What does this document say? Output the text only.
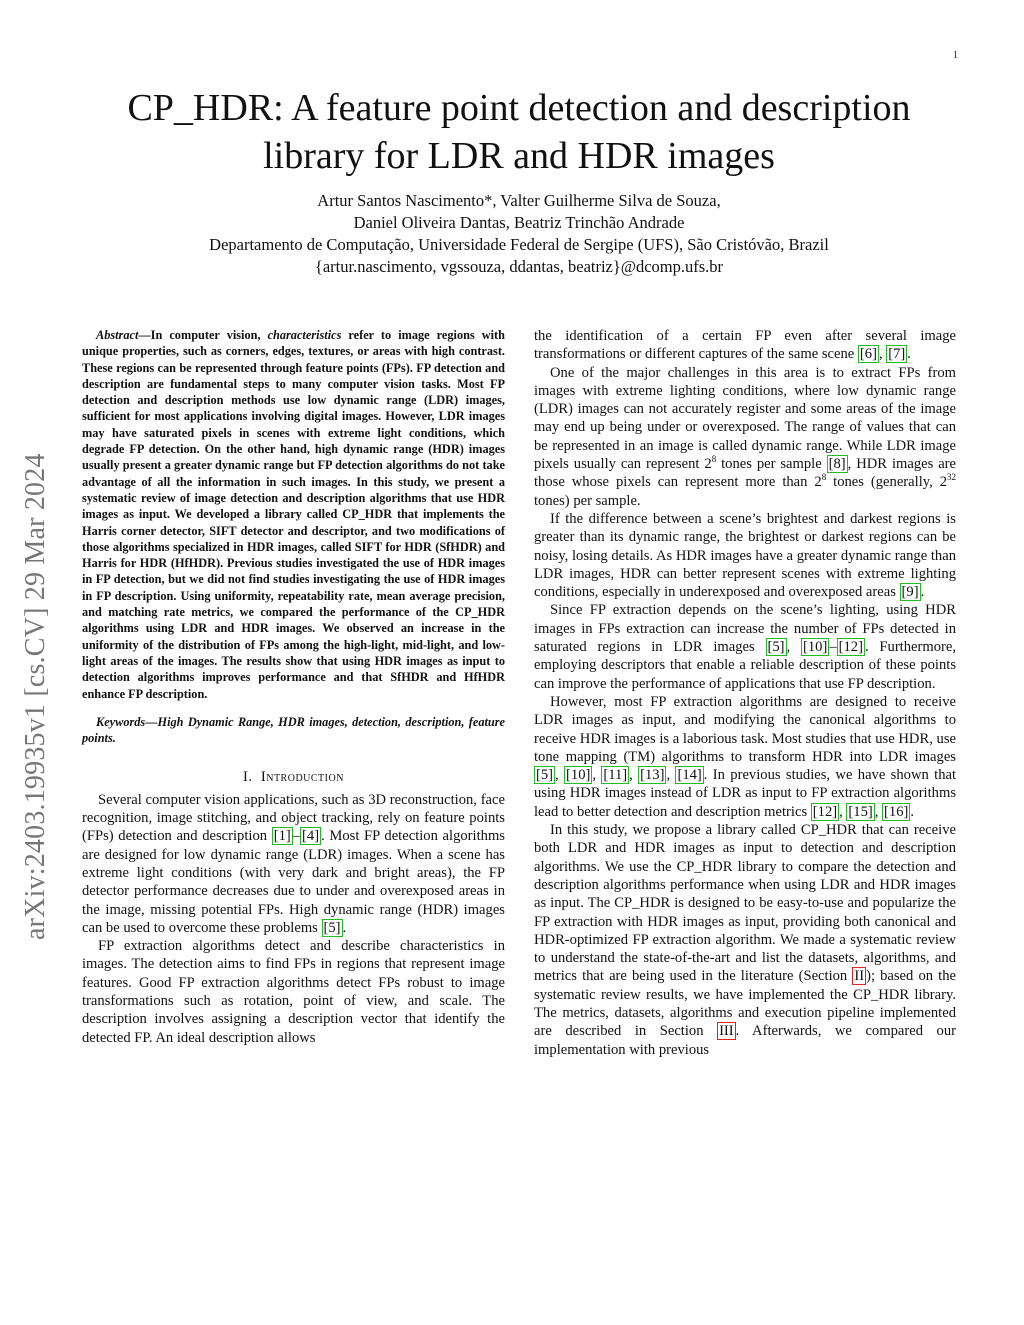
1
arXiv:2403.19935v1 [cs.CV] 29 Mar 2024
CP_HDR: A feature point detection and description
library for LDR and HDR images
Artur Santos Nascimento*, Valter Guilherme Silva de Souza,
Daniel Oliveira Dantas, Beatriz Trinchão Andrade
Departamento de Computação, Universidade Federal de Sergipe (UFS), São Cristóvão, Brazil
{artur.nascimento, vgssouza, ddantas, beatriz}@dcomp.ufs.br

Abstract—In computer vision, characteristics refer to image regions with unique properties, such as corners, edges, textures, or areas with high contrast. These regions can be represented through feature points (FPs). FP detection and description are fundamental steps to many computer vision tasks. Most FP detection and description methods use low dynamic range (LDR) images, sufficient for most applications involving digital images. However, LDR images may have saturated pixels in scenes with extreme light conditions, which degrade FP detection. On the other hand, high dynamic range (HDR) images usually present a greater dynamic range but FP detection algorithms do not take advantage of all the information in such images. In this study, we present a systematic review of image detection and description algorithms that use HDR images as input. We developed a library called CP_HDR that implements the Harris corner detector, SIFT detector and descriptor, and two modifications of those algorithms specialized in HDR images, called SIFT for HDR (SfHDR) and Harris for HDR (HfHDR). Previous studies investigated the use of HDR images in FP detection, but we did not find studies investigating the use of HDR images in FP description. Using uniformity, repeatability rate, mean average precision, and matching rate metrics, we compared the performance of the CP_HDR algorithms using LDR and HDR images. We observed an increase in the uniformity of the distribution of FPs among the high-light, mid-light, and low-light areas of the images. The results show that using HDR images as input to detection algorithms improves performance and that SfHDR and HfHDR enhance FP description.

Keywords—High Dynamic Range, HDR images, detection, description, feature points.

I. Introduction

Several computer vision applications, such as 3D reconstruction, face recognition, image stitching, and object tracking, rely on feature points (FPs) detection and description [1] – [4] . Most FP detection algorithms are designed for low dynamic range (LDR) images. When a scene has extreme light conditions (with very dark and bright areas), the FP detector performance decreases due to under and overexposed areas in the image, missing potential FPs. High dynamic range (HDR) images can be used to overcome these problems [5] .

FP extraction algorithms detect and describe characteristics in images. The detection aims to find FPs in regions that represent image features. Good FP extraction algorithms detect FPs robust to image transformations such as rotation, point of view, and scale. The description involves assigning a description vector that identify the detected FP. An ideal description allows

the identification of a certain FP even after several image transformations or different captures of the same scene [6] , [7] .

One of the major challenges in this area is to extract FPs from images with extreme lighting conditions, where low dynamic range (LDR) images can not accurately register and some areas of the image may end up being under or overexposed. The range of values that can be represented in an image is called dynamic range. While LDR image pixels usually can represent $2^8$ tones per sample [8] , HDR images are those whose pixels can represent more than $2^8$ tones (generally, $2^{32}$ tones) per sample.

If the difference between a scene’s brightest and darkest regions is greater than its dynamic range, the brightest or darkest regions can be noisy, losing details. As HDR images have a greater dynamic range than LDR images, HDR can better represent scenes with extreme lighting conditions, especially in underexposed and overexposed areas [9] .

Since FP extraction depends on the scene’s lighting, using HDR images in FPs extraction can increase the number of FPs detected in saturated regions in LDR images [5] , [10] – [12] . Furthermore, employing descriptors that enable a reliable description of these points can improve the performance of applications that use FP description.

However, most FP extraction algorithms are designed to receive LDR images as input, and modifying the canonical algorithms to receive HDR images is a laborious task. Most studies that use HDR, use tone mapping (TM) algorithms to transform HDR into LDR images [5] , [10] , [11] , [13] , [14] . In previous studies, we have shown that using HDR images instead of LDR as input to FP extraction algorithms lead to better detection and description metrics [12] , [15] , [16] .

In this study, we propose a library called CP_HDR that can receive both LDR and HDR images as input to detection and description algorithms. We use the CP_HDR library to compare the detection and description algorithms performance when using LDR and HDR images as input. The CP_HDR is designed to be easy-to-use and popularize the FP extraction with HDR images as input, providing both canonical and HDR-optimized FP extraction algorithm. We made a systematic review to understand the state-of-the-art and list the datasets, algorithms, and metrics that are being used in the literature (Section II ); based on the systematic review results, we have implemented the CP_HDR library. The metrics, datasets, algorithms and execution pipeline implemented are described in Section III . Afterwards, we compared our implementation with previous
